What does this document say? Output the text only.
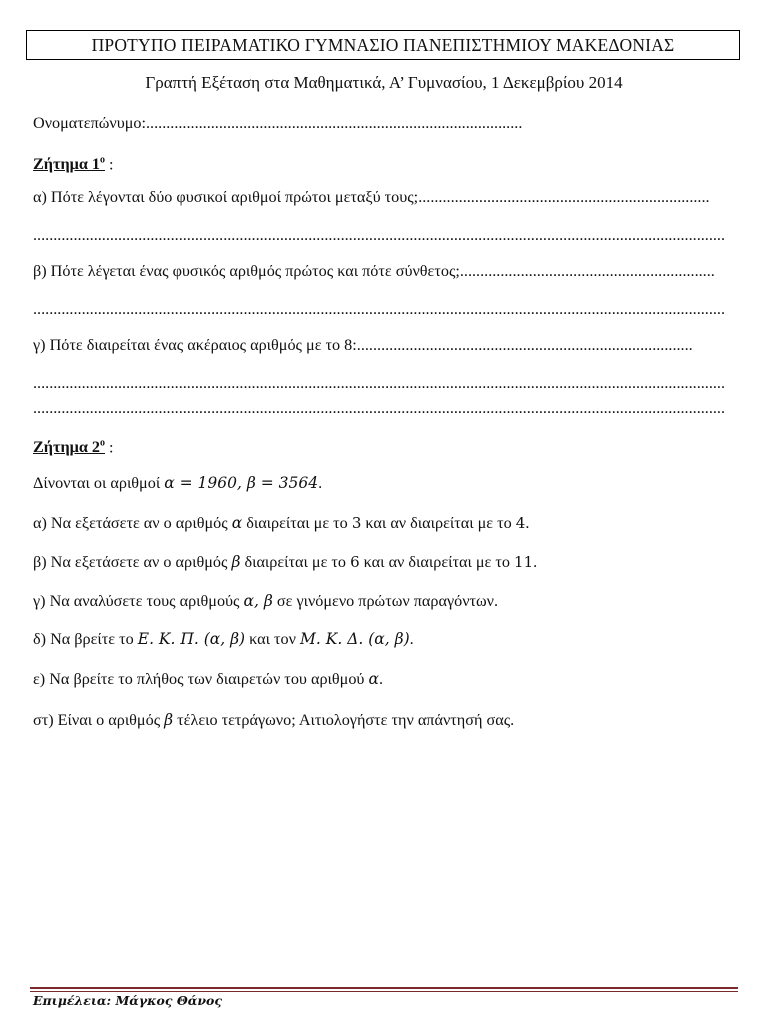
ΠΡΟΤΥΠΟ ΠΕΙΡΑΜΑΤΙΚΟ ΓΥΜΝΑΣΙΟ ΠΑΝΕΠΙΣΤΗΜΙΟΥ ΜΑΚΕΔΟΝΙΑΣ
Γραπτή Εξέταση στα Μαθηματικά, Α’ Γυμνασίου, 1 Δεκεμβρίου 2014
Ονοματεπώνυμο:.............................................................................................
Ζήτημα $1^o$ :
α) Πότε λέγονται δύο φυσικοί αριθμοί πρώτοι μεταξύ τους;........................................................................
...........................................................................................................................................................................
β) Πότε λέγεται ένας φυσικός αριθμός πρώτος και πότε σύνθετος;...............................................................
...........................................................................................................................................................................
γ) Πότε διαιρείται ένας ακέραιος αριθμός με το 8:...................................................................................
...........................................................................................................................................................................
...........................................................................................................................................................................
Ζήτημα $2^o$ :
Δίνονται οι αριθμοί α = 1960, β = 3564.
α) Να εξετάσετε αν ο αριθμός α διαιρείται με το 3 και αν διαιρείται με το 4.
β) Να εξετάσετε αν ο αριθμός β διαιρείται με το 6 και αν διαιρείται με το 11.
γ) Να αναλύσετε τους αριθμούς α, β σε γινόμενο πρώτων παραγόντων.
δ) Να βρείτε το Ε. Κ. Π. (α, β) και τον Μ. Κ. Δ. (α, β).
ε) Να βρείτε το πλήθος των διαιρετών του αριθμού α.
στ) Είναι ο αριθμός β τέλειο τετράγωνο; Αιτιολογήστε την απάντησή σας.
Επιμέλεια: Μάγκος Θάνος
